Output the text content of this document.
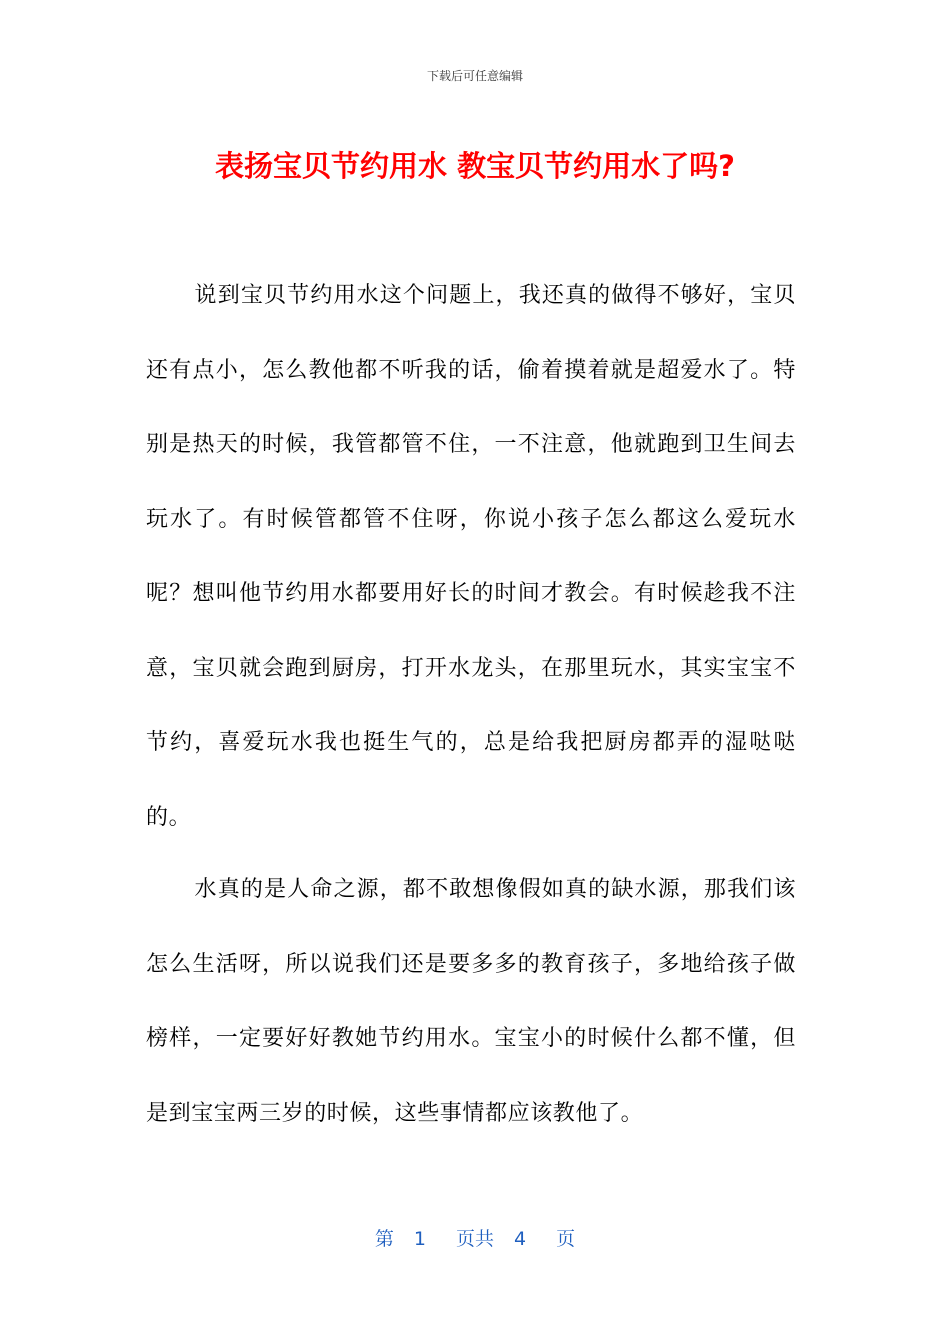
下载后可任意编辑
表扬宝贝节约用水 教宝贝节约用水了吗?

说到宝贝节约用水这个问题上，我还真的做得不够好，宝贝还有点小，怎么教他都不听我的话，偷着摸着就是超爱水了。特别是热天的时候，我管都管不住，一不注意，他就跑到卫生间去玩水了。有时候管都管不住呀，你说小孩子怎么都这么爱玩水呢？想叫他节约用水都要用好长的时间才教会。有时候趁我不注意，宝贝就会跑到厨房，打开水龙头，在那里玩水，其实宝宝不节约，喜爱玩水我也挺生气的，总是给我把厨房都弄的湿哒哒的。

水真的是人命之源，都不敢想像假如真的缺水源，那我们该怎么生活呀，所以说我们还是要多多的教育孩子，多地给孩子做榜样，一定要好好教她节约用水。宝宝小的时候什么都不懂，但是到宝宝两三岁的时候，这些事情都应该教他了。

第 1 页共 4 页
